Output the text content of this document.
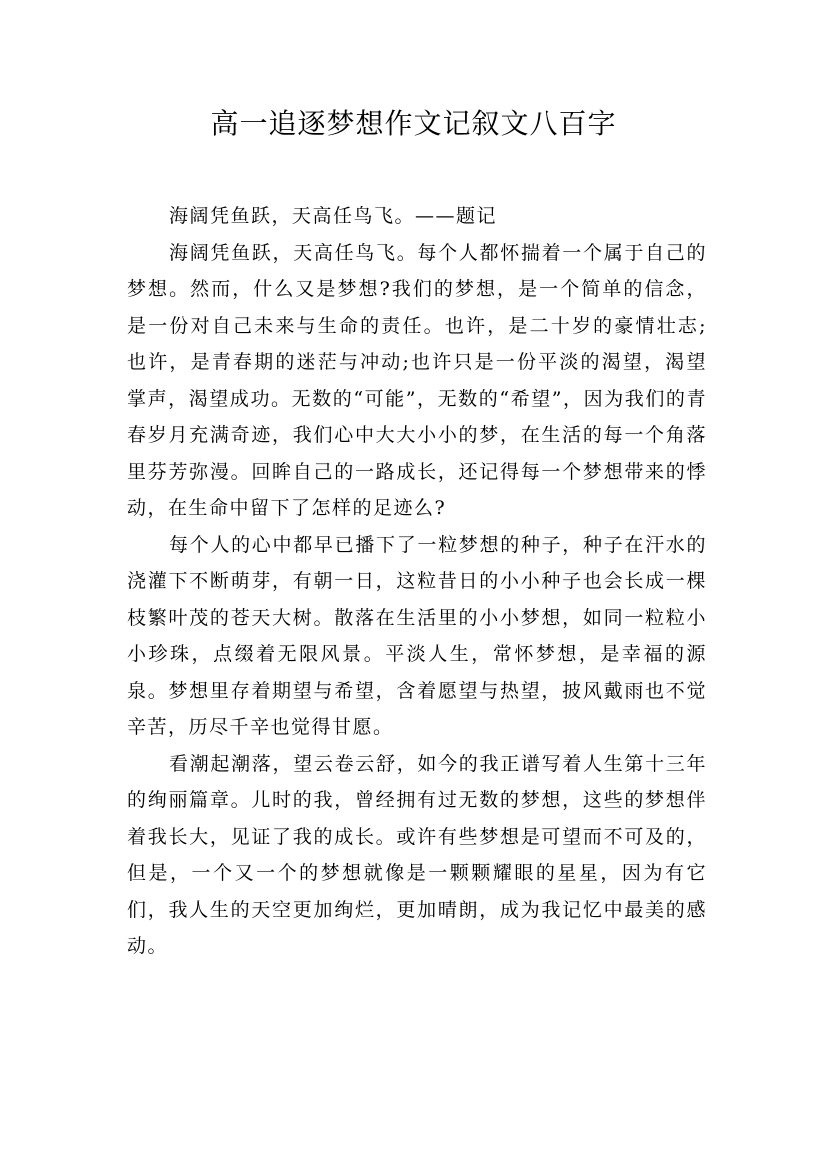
高一追逐梦想作文记叙文八百字

海阔凭鱼跃，天高任鸟飞。——题记

海阔凭鱼跃，天高任鸟飞。每个人都怀揣着一个属于自己的梦想。然而，什么又是梦想?我们的梦想，是一个简单的信念，是一份对自己未来与生命的责任。也许，是二十岁的豪情壮志;也许，是青春期的迷茫与冲动;也许只是一份平淡的渴望，渴望掌声，渴望成功。无数的“可能”，无数的“希望”，因为我们的青春岁月充满奇迹，我们心中大大小小的梦，在生活的每一个角落里芬芳弥漫。回眸自己的一路成长，还记得每一个梦想带来的悸动，在生命中留下了怎样的足迹么?

每个人的心中都早已播下了一粒梦想的种子，种子在汗水的浇灌下不断萌芽，有朝一日，这粒昔日的小小种子也会长成一棵枝繁叶茂的苍天大树。散落在生活里的小小梦想，如同一粒粒小小珍珠，点缀着无限风景。平淡人生，常怀梦想，是幸福的源泉。梦想里存着期望与希望，含着愿望与热望，披风戴雨也不觉辛苦，历尽千辛也觉得甘愿。

看潮起潮落，望云卷云舒，如今的我正谱写着人生第十三年的绚丽篇章。儿时的我，曾经拥有过无数的梦想，这些的梦想伴着我长大，见证了我的成长。或许有些梦想是可望而不可及的，但是，一个又一个的梦想就像是一颗颗耀眼的星星，因为有它们，我人生的天空更加绚烂，更加晴朗，成为我记忆中最美的感动。
